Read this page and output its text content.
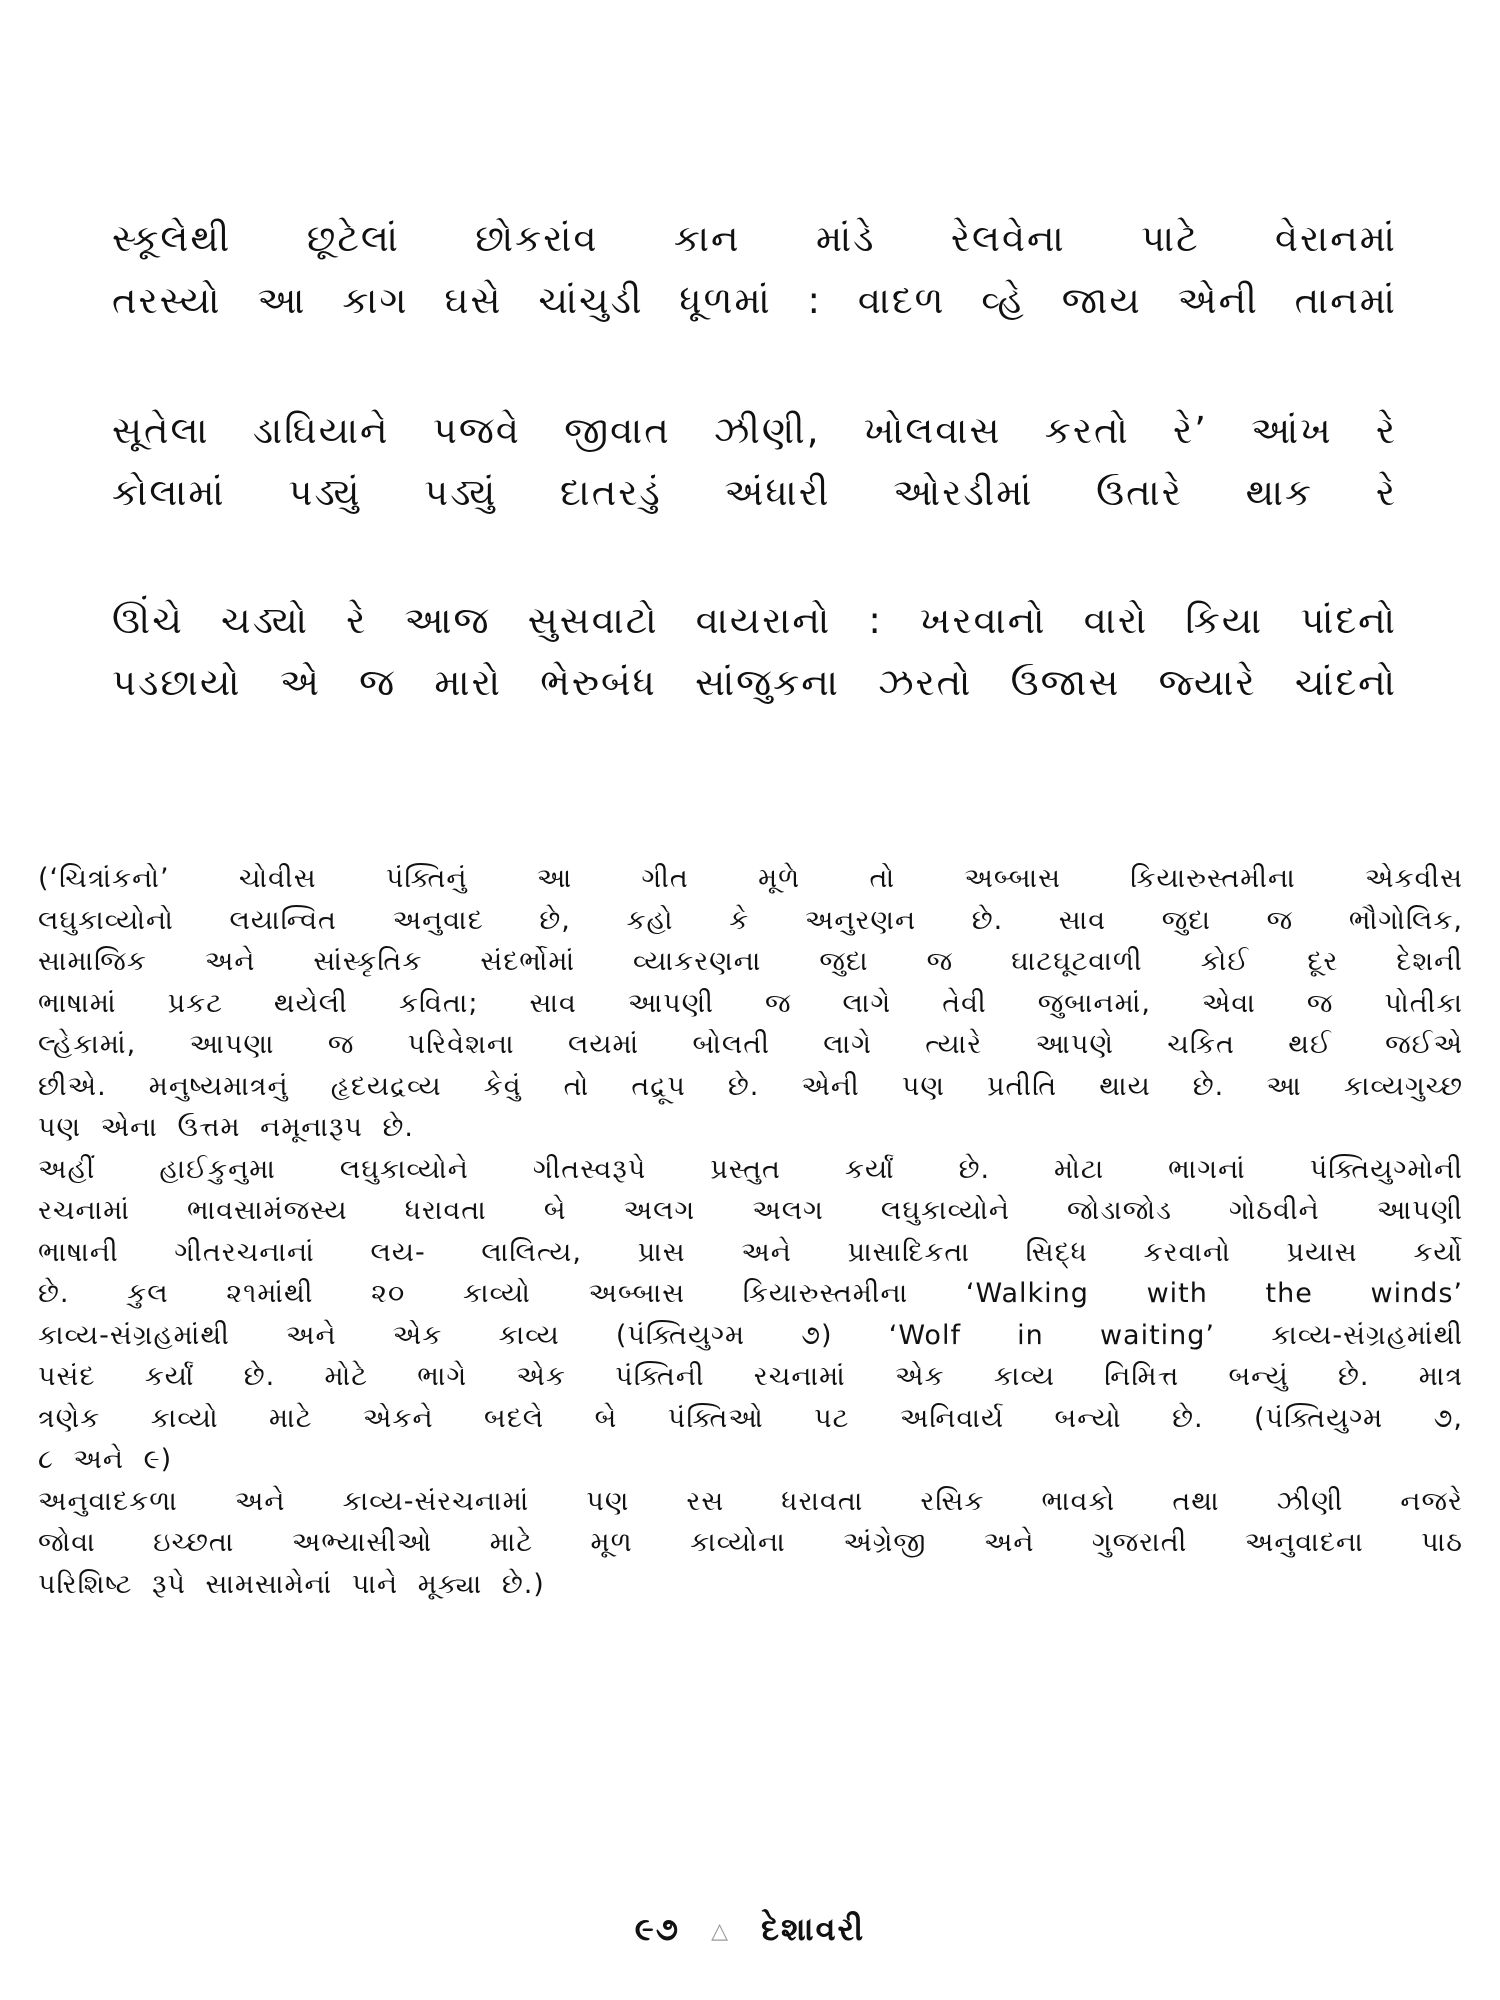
સ્કૂલેથી છૂટેલાં છોકરાંવ કાન માંડે રેલવેના પાટે વેરાનમાં
તરસ્યો આ કાગ ઘસે ચાંચુડી ધૂળમાં : વાદળ વ્હે જાય એની તાનમાં
સૂતેલા ડાઘિયાને પજવે જીવાત ઝીણી, ખોલવાસ કરતો રે’ આંખ રે
કોલામાં પડ્યું પડ્યું દાતરડું અંધારી ઓરડીમાં ઉતારે થાક રે
ઊંચે ચડ્યો રે આજ સુસવાટો વાયરાનો : ખરવાનો વારો કિયા પાંદનો
પડછાયો એ જ મારો ભેરુબંધ સાંજુકના ઝરતો ઉજાસ જ્યારે ચાંદનો
(‘ચિત્રાંકનો’ ચોવીસ પંક્તિનું આ ગીત મૂળે તો અબ્બાસ કિયારુસ્તમીના એકવીસ
લઘુકાવ્યોનો લયાન્વિત અનુવાદ છે, કહો કે અનુરણન છે. સાવ જુદા જ ભૌગોલિક,
સામાજિક અને સાંસ્કૃતિક સંદર્ભોમાં વ્યાકરણના જુદા જ ઘાટઘૂટવાળી કોઈ દૂર દેશની
ભાષામાં પ્રકટ થયેલી કવિતા; સાવ આપણી જ લાગે તેવી જુબાનમાં, એવા જ પોતીકા
લ્હેકામાં, આપણા જ પરિવેશના લયમાં બોલતી લાગે ત્યારે આપણે ચકિત થઈ જઈએ
છીએ. મનુષ્યમાત્રનું હૃદયદ્રવ્ય કેવું તો તદ્રૂપ છે. એની પણ પ્રતીતિ થાય છે. આ કાવ્યગુચ્છ
પણ એના ઉત્તમ નમૂનારૂપ છે.
અહીં હાઈકુનુમા લઘુકાવ્યોને ગીતસ્વરૂપે પ્રસ્તુત કર્યાં છે. મોટા ભાગનાં પંક્તિયુગ્મોની
રચનામાં ભાવસામંજસ્ય ધરાવતા બે અલગ અલગ લઘુકાવ્યોને જોડાજોડ ગોઠવીને આપણી
ભાષાની ગીતરચનાનાં લય- લાલિત્ય, પ્રાસ અને પ્રાસાદિકતા સિદ્ધ કરવાનો પ્રયાસ કર્યો
છે. કુલ ૨૧માંથી ૨૦ કાવ્યો અબ્બાસ કિયારુસ્તમીના ‘Walking with the winds’
કાવ્ય-સંગ્રહમાંથી અને એક કાવ્ય (પંક્તિયુગ્મ ૭) ‘Wolf in waiting’ કાવ્ય-સંગ્રહમાંથી
પસંદ કર્યાં છે. મોટે ભાગે એક પંક્તિની રચનામાં એક કાવ્ય નિમિત્ત બન્યું છે. માત્ર
ત્રણેક કાવ્યો માટે એકને બદલે બે પંક્તિઓ પટ અનિવાર્ય બન્યો છે. (પંક્તિયુગ્મ ૭,
૮ અને ૯)
અનુવાદકળા અને કાવ્ય-સંરચનામાં પણ રસ ધરાવતા રસિક ભાવકો તથા ઝીણી નજરે
જોવા ઇચ્છતા અભ્યાસીઓ માટે મૂળ કાવ્યોના અંગ્રેજી અને ગુજરાતી અનુવાદના પાઠ
પરિશિષ્ટ રૂપે સામસામેનાં પાને મૂક્યા છે.)
૯૭ △ દેશાવરી
